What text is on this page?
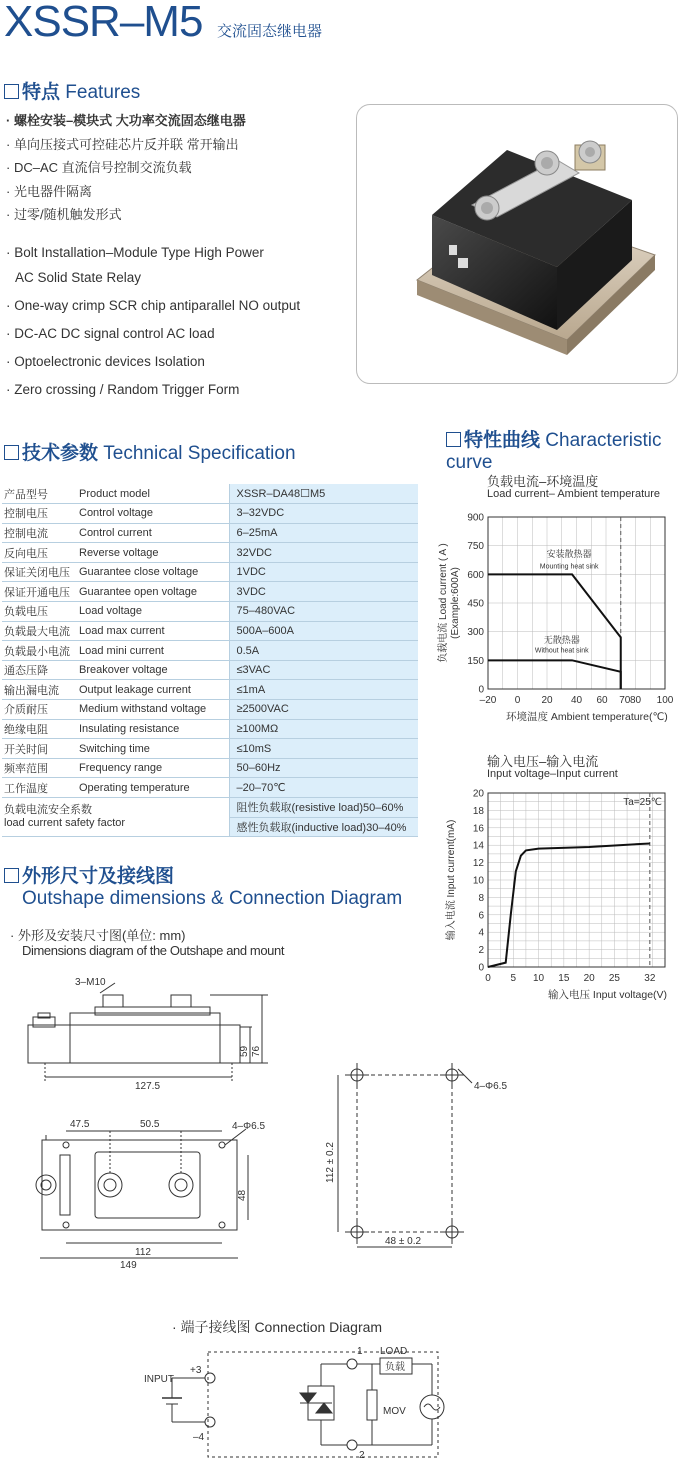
XSSR–M5 交流固态继电器
特点 Features
· 螺栓安装–模块式 大功率交流固态继电器
· 单向压接式可控硅芯片反并联 常开输出
· DC–AC 直流信号控制交流负载
· 光电器件隔离
· 过零/随机触发形式
· Bolt Installation–Module Type High Power
AC Solid State Relay
· One-way crimp SCR chip antiparallel NO output
· DC-AC DC signal control AC load
· Optoelectronic devices Isolation
· Zero crossing / Random Trigger Form
技术参数 Technical Specification
产品型号	Product model	XSSR–DA48☐M5
控制电压	Control voltage	3–32VDC
控制电流	Control current	6–25mA
反向电压	Reverse voltage	32VDC
保证关闭电压	Guarantee close voltage	1VDC
保证开通电压	Guarantee open voltage	3VDC
负载电压	Load voltage	75–480VAC
负载最大电流	Load max current	500A–600A
负载最小电流	Load mini current	0.5A
通态压降	Breakover voltage	≤3VAC
输出漏电流	Output leakage current	≤1mA
介质耐压	Medium withstand voltage	≥2500VAC
绝缘电阻	Insulating resistance	≥100MΩ
开关时间	Switching time	≤10mS
频率范围	Frequency range	50–60Hz
工作温度	Operating temperature	–20–70℃

负载电流安全系数
load current safety factor		阻性负载取(resistive load)50–60%
		感性负载取(inductive load)30–40%
特性曲线 Characteristic curve
负载电流–环境温度
Load current– Ambient temperature
0
150
300
450
600
750
900
–20 0 20 40 60 70 80 100
环境温度 Ambient temperature(℃)
负载电流 Load current ( A ) (Example:600A)
安装散热器
Mounting heat sink
无散热器
Without heat sink
输入电压–输入电流
Input voltage–Input current
0
2
4
6
8
10
12
14
16
18
20
0 5 10 15 20 25 32
输入电压 Input voltage(V)
输入电流 Input current(mA)
Ta=25℃
外形尺寸及接线图
Outshape dimensions & Connection Diagram
· 外形及安装尺寸图(单位: mm)
Dimensions diagram of the Outshape and mount
3–M10
59 76
127.5
47.5	50.5	4–Φ6.5
48
112
149
112 ± 0.2
48 ± 0.2
4–Φ6.5
· 端子接线图 Connection Diagram
INPUT
+3
–4
1
2
LOAD
负载
MOV
